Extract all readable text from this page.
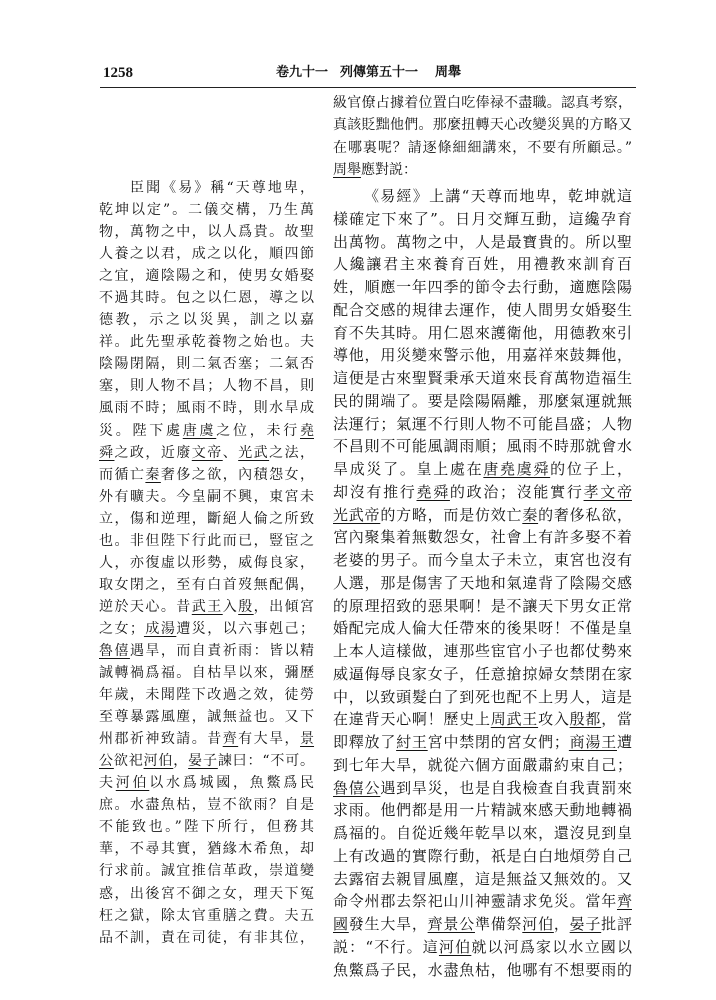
1258	卷九十一 列傳第五十一 周舉
臣聞《易》稱“天尊地卑，
乾坤以定”。二儀交構，乃生萬
物，萬物之中，以人爲貴。故聖
人養之以君，成之以化，順四節
之宜，適陰陽之和，使男女婚娶
不過其時。包之以仁恩，導之以
德教，示之以災異，訓之以嘉
祥。此先聖承乾養物之始也。夫
陰陽閉隔，則二氣否塞；二氣否
塞，則人物不昌；人物不昌，則
風雨不時；風雨不時，則水旱成
災。陛下處唐虞之位，未行堯
舜之政，近廢文帝、光武之法，
而循亡秦奢侈之欲，內積怨女，
外有曠夫。今皇嗣不興，東宮未
立，傷和逆理，斷絕人倫之所致
也。非但陛下行此而已，豎宦之
人，亦復虛以形勢，威侮良家，
取女閉之，至有白首歿無配偶，
逆於天心。昔武王入殷，出傾宮
之女；成湯遭災，以六事剋己；
魯僖遇旱，而自責祈雨：皆以精
誠轉禍爲福。自枯旱以來，彌歷
年歲，未聞陛下改過之效，徒勞
至尊暴露風塵，誠無益也。又下
州郡祈神致請。昔齊有大旱，景
公欲祀河伯，晏子諫曰：“不可。
夫河伯以水爲城國，魚鱉爲民
庶。水盡魚枯，豈不欲雨？自是
不能致也。”陛下所行，但務其
華，不尋其實，猶緣木希魚，却
行求前。誠宜推信革政，崇道變
惑，出後宮不御之女，理天下冤
枉之獄，除太官重膳之費。夫五
品不訓，責在司徒，有非其位，
級官僚占據着位置白吃俸禄不盡職。認真考察，
真該貶黜他們。那麼扭轉天心改變災異的方略又
在哪裏呢？請逐條細細講來，不要有所顧忌。”
周舉應對説：
《易經》上講“天尊而地卑，乾坤就這
樣確定下來了”。日月交輝互動，這纔孕育
出萬物。萬物之中，人是最寶貴的。所以聖
人纔讓君主來養育百姓，用禮教來訓育百
姓，順應一年四季的節令去行動，適應陰陽
配合交感的規律去運作，使人間男女婚娶生
育不失其時。用仁恩來護衛他，用德教來引
導他，用災變來警示他，用嘉祥來鼓舞他，
這便是古來聖賢秉承天道來長育萬物造福生
民的開端了。要是陰陽隔離，那麼氣運就無
法運行；氣運不行則人物不可能昌盛；人物
不昌則不可能風調雨順；風雨不時那就會水
旱成災了。皇上處在唐堯虞舜的位子上，
却沒有推行堯舜的政治；沒能實行孝文帝
光武帝的方略，而是仿效亡秦的奢侈私欲，
宮內聚集着無數怨女，社會上有許多娶不着
老婆的男子。而今皇太子未立，東宮也沒有
人選，那是傷害了天地和氣違背了陰陽交感
的原理招致的惡果啊！是不讓天下男女正常
婚配完成人倫大任帶來的後果呀！不僅是皇
上本人這樣做，連那些宦官小子也都仗勢來
威逼侮辱良家女子，任意搶掠婦女禁閉在家
中，以致頭髮白了到死也配不上男人，這是
在違背天心啊！歷史上周武王攻入殷都，當
即釋放了紂王宮中禁閉的宮女們；商湯王遭
到七年大旱，就從六個方面嚴肅約束自己；
魯僖公遇到旱災，也是自我檢查自我責罰來
求雨。他們都是用一片精誠來感天動地轉禍
爲福的。自從近幾年乾旱以來，還沒見到皇
上有改過的實際行動，祇是白白地煩勞自己
去露宿去親冒風塵，這是無益又無效的。又
命令州郡去祭祀山川神靈請求免災。當年齊
國發生大旱，齊景公準備祭河伯，晏子批評
説：“不行。這河伯就以河爲家以水立國以
魚鱉爲子民，水盡魚枯，他哪有不想要雨的
